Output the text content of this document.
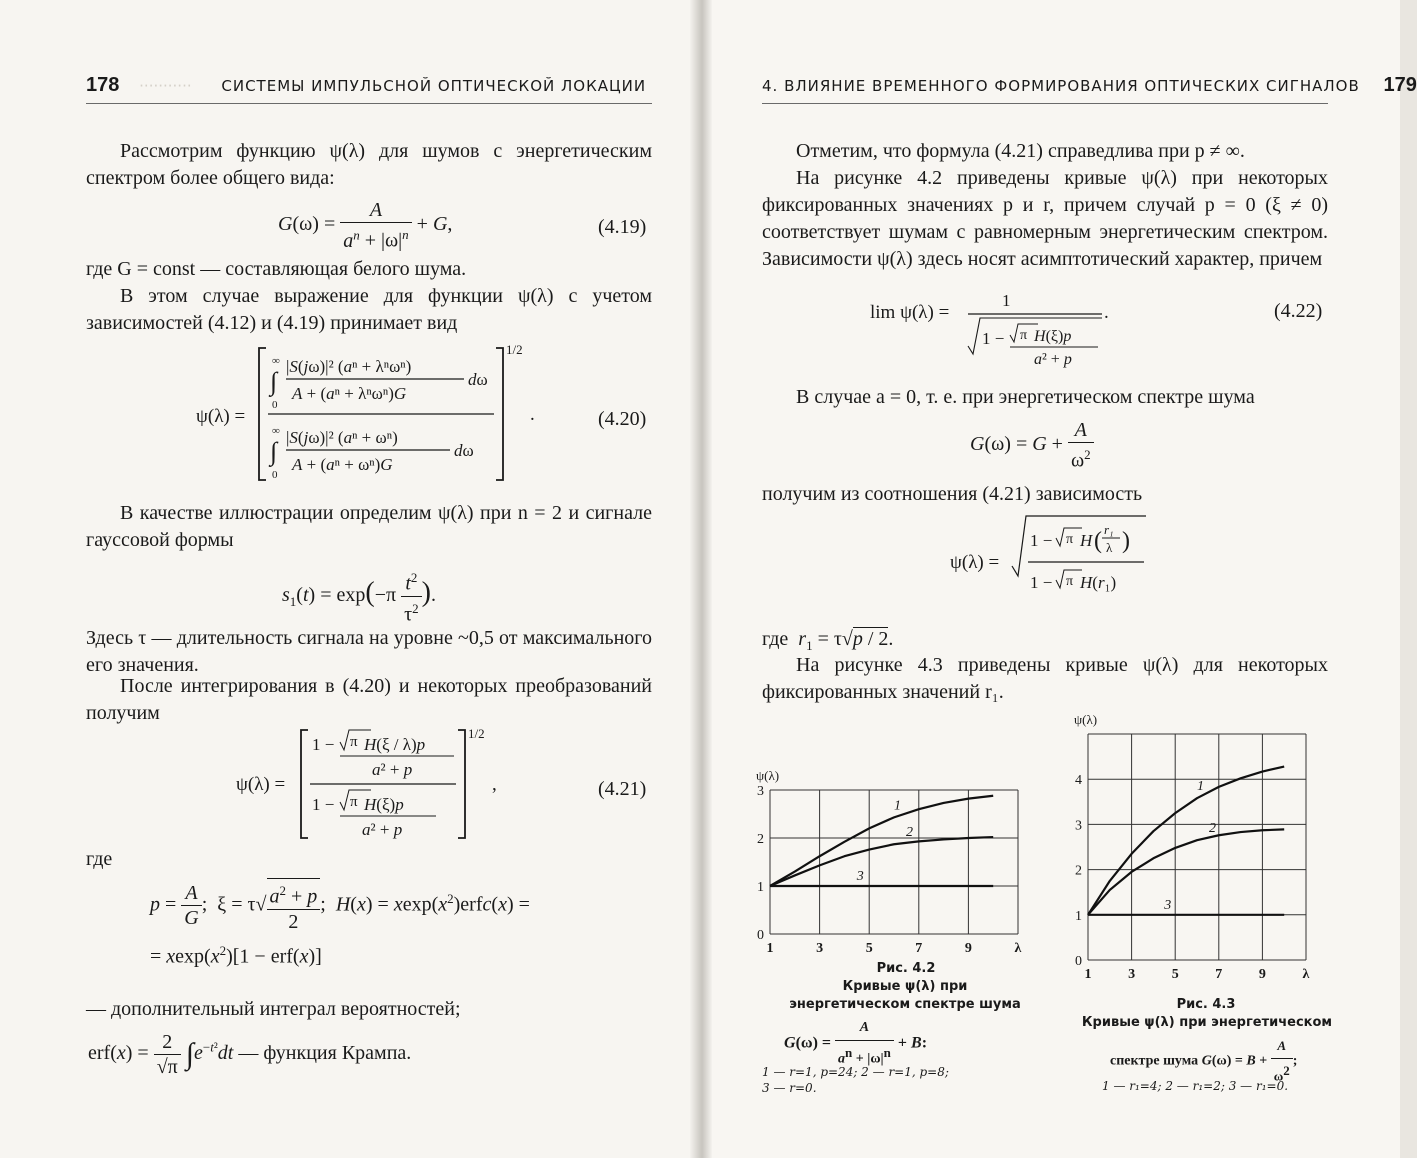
178 ··········· СИСТЕМЫ ИМПУЛЬСНОЙ ОПТИЧЕСКОЙ ЛОКАЦИИ
Рассмотрим функцию ψ(λ) для шумов с энергетическим спектром более общего вида:
$G(\omega) = \frac{A}{a^n + |\omega|^n} + G$,	(4.19)
где G = const — составляющая белого шума.
В этом случае выражение для функции ψ(λ) с учетом зависимостей (4.12) и (4.19) принимает вид
ψ(λ) =
1/2
∞
∫
0
|S(jω)|² (aⁿ + λⁿωⁿ)
A + (aⁿ + λⁿωⁿ)G
dω
∞
∫
0
|S(jω)|² (aⁿ + ωⁿ)
A + (aⁿ + ωⁿ)G
dω
.	(4.20)
В качестве иллюстрации определим ψ(λ) при n = 2 и сигнале гауссовой формы
$s_1(t) = \exp(-\pi \frac{t^2}{\tau^2}$ ).
Здесь τ — длительность сигнала на уровне ~0,5 от максимального его значения.
После интегрирования в (4.20) и некоторых преобразований получим
ψ(λ) =
1/2
1 − π H(ξ / λ)p
a² + p
1 − π H(ξ)p
a² + p
,	(4.21)
где
$p = \frac{A}{G}$ ;  $\xi = \tau√ \frac{a^2 + p}{2}$ ;  $H(x) = xexp(x^2)erfc(x)$ =
= $xexp(x^2)[1 - erf(x)]$
— дополнительный интеграл вероятностей;
$erf(x) = \frac{2}{√\pi} \int e^{-t^2}dt$ — функция Крампа.
4. ВЛИЯНИЕ ВРЕМЕННОГО ФОРМИРОВАНИЯ ОПТИЧЕСКИХ СИГНАЛОВ 179
Отметим, что формула (4.21) справедлива при p ≠ ∞.
На рисунке 4.2 приведены кривые ψ(λ) при некоторых фиксированных значениях p и r, причем случай p = 0 (ξ ≠ 0) соответствует шумам с равномерным энергетическим спектром. Зависимости ψ(λ) здесь носят асимптотический характер, причем
lim ψ(λ) =
1
1 − π H(ξ)p
a² + p
.	(4.22)
В случае a = 0, т. е. при энергетическом спектре шума
$G(\omega) = G + \frac{A}{\omega^2}$
получим из соотношения (4.21) зависимость
ψ(λ) =
1 − π H ( r₁
λ )
1 − π H(r₁)
где  $r_1 = \tau√p / 2$.
На рисунке 4.3 приведены кривые ψ(λ) для некоторых фиксированных значений r₁.
1	3	5	7	9	λ
0
1
2
3
ψ(λ)
1
2
3
Рис. 4.2
Кривые ψ(λ) при
энергетическом спектре шума
$G(\omega) = \frac{A}{a^n + |\omega|^n} + B$:
1 — r=1, p=24; 2 — r=1, p=8;
3 — r=0.
1	3	5	7	9	λ
0
1
2
3
4
ψ(λ)
1
2
3
Рис. 4.3
Кривые ψ(λ) при энергетическом
спектре шума $G(\omega) = B + \frac{A}{\omega^2}$ ;
1 — r₁=4; 2 — r₁=2; 3 — r₁=0.
